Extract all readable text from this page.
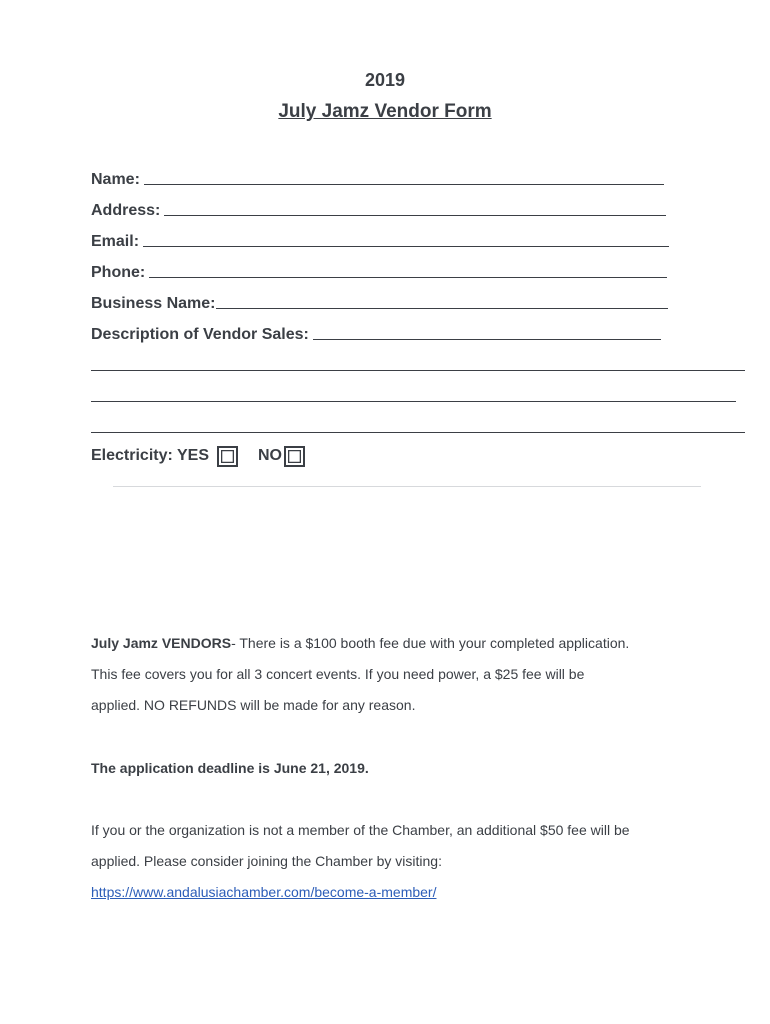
2019
July Jamz Vendor Form
Name:
Address:
Email:
Phone:
Business Name:
Description of Vendor Sales:
Electricity: YES	NO
July Jamz VENDORS- There is a $100 booth fee due with your completed application.
This fee covers you for all 3 concert events. If you need power, a $25 fee will be
applied. NO REFUNDS will be made for any reason.
The application deadline is June 21, 2019.
If you or the organization is not a member of the Chamber, an additional $50 fee will be
applied. Please consider joining the Chamber by visiting:
https://www.andalusiachamber.com/become-a-member/
